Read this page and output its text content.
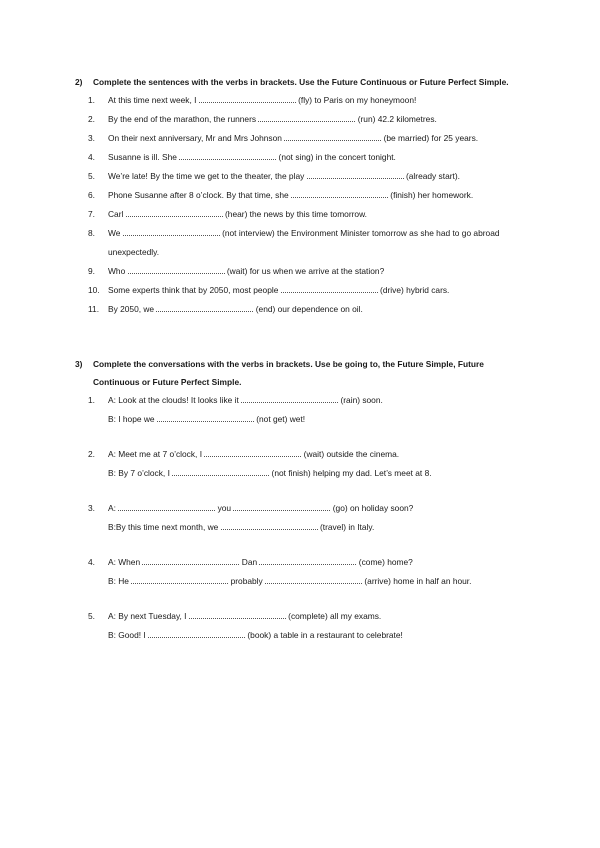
2) Complete the sentences with the verbs in brackets. Use the Future Continuous or Future Perfect Simple.
1. At this time next week, I	(fly) to Paris on my honeymoon!
2. By the end of the marathon, the runners	(run) 42.2 kilometres.
3. On their next anniversary, Mr and Mrs Johnson	(be married) for 25 years.
4. Susanne is ill. She	(not sing) in the concert tonight.
5. We’re late! By the time we get to the theater, the play	(already start).
6. Phone Susanne after 8 o’clock. By that time, she	(finish) her homework.
7. Carl	(hear) the news by this time tomorrow.
8. We	(not interview) the Environment Minister tomorrow as she had to go abroad
unexpectedly.
9. Who	(wait) for us when we arrive at the station?
10. Some experts think that by 2050, most people	(drive) hybrid cars.
11. By 2050, we	(end) our dependence on oil.
3) Complete the conversations with the verbs in brackets. Use be going to, the Future Simple, Future
Continuous or Future Perfect Simple.
1. A: Look at the clouds! It looks like it	(rain) soon.
B: I hope we	(not get) wet!
2. A: Meet me at 7 o’clock, I	(wait) outside the cinema.
B: By 7 o’clock, I	(not finish) helping my dad. Let’s meet at 8.
3. A:	you	(go) on holiday soon?
B:By this time next month, we	(travel) in Italy.
4. A: When	Dan	(come) home?
B: He	probably	(arrive) home in half an hour.
5. A: By next Tuesday, I	(complete) all my exams.
B: Good! I	(book) a table in a restaurant to celebrate!
